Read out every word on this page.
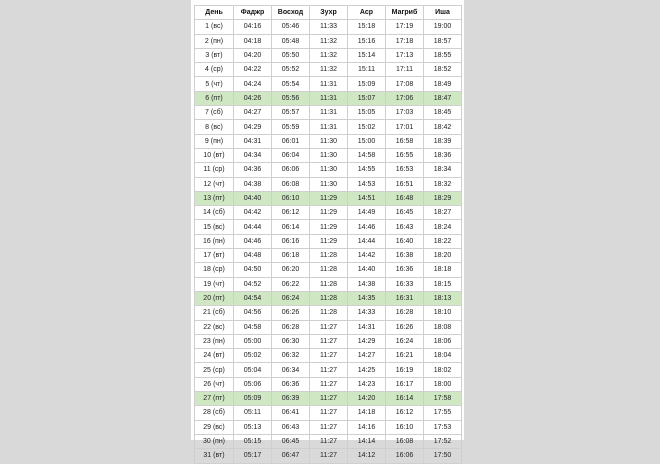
День	Фаджр	Восход	Зухр	Аср	Магриб	Иша
1 (вс)	04:16	05:46	11:33	15:18	17:19	19:00
2 (пн)	04:18	05:48	11:32	15:16	17:18	18:57
3 (вт)	04:20	05:50	11:32	15:14	17:13	18:55
4 (ср)	04:22	05:52	11:32	15:11	17:11	18:52
5 (чт)	04:24	05:54	11:31	15:09	17:08	18:49
6 (пт)	04:26	05:56	11:31	15:07	17:06	18:47
7 (сб)	04:27	05:57	11:31	15:05	17:03	18:45
8 (вс)	04:29	05:59	11:31	15:02	17:01	18:42
9 (пн)	04:31	06:01	11:30	15:00	16:58	18:39
10 (вт)	04:34	06:04	11:30	14:58	16:55	18:36
11 (ср)	04:36	06:06	11:30	14:55	16:53	18:34
12 (чт)	04:38	06:08	11:30	14:53	16:51	18:32
13 (пт)	04:40	06:10	11:29	14:51	16:48	18:29
14 (сб)	04:42	06:12	11:29	14:49	16:45	18:27
15 (вс)	04:44	06:14	11:29	14:46	16:43	18:24
16 (пн)	04:46	06:16	11:29	14:44	16:40	18:22
17 (вт)	04:48	06:18	11:28	14:42	16:38	18:20
18 (ср)	04:50	06:20	11:28	14:40	16:36	18:18
19 (чт)	04:52	06:22	11:28	14:38	16:33	18:15
20 (пт)	04:54	06:24	11:28	14:35	16:31	18:13
21 (сб)	04:56	06:26	11:28	14:33	16:28	18:10
22 (вс)	04:58	06:28	11:27	14:31	16:26	18:08
23 (пн)	05:00	06:30	11:27	14:29	16:24	18:06
24 (вт)	05:02	06:32	11:27	14:27	16:21	18:04
25 (ср)	05:04	06:34	11:27	14:25	16:19	18:02
26 (чт)	05:06	06:36	11:27	14:23	16:17	18:00
27 (пт)	05:09	06:39	11:27	14:20	16:14	17:58
28 (сб)	05:11	06:41	11:27	14:18	16:12	17:55
29 (вс)	05:13	06:43	11:27	14:16	16:10	17:53
30 (пн)	05:15	06:45	11:27	14:14	16:08	17:52
31 (вт)	05:17	06:47	11:27	14:12	16:06	17:50
